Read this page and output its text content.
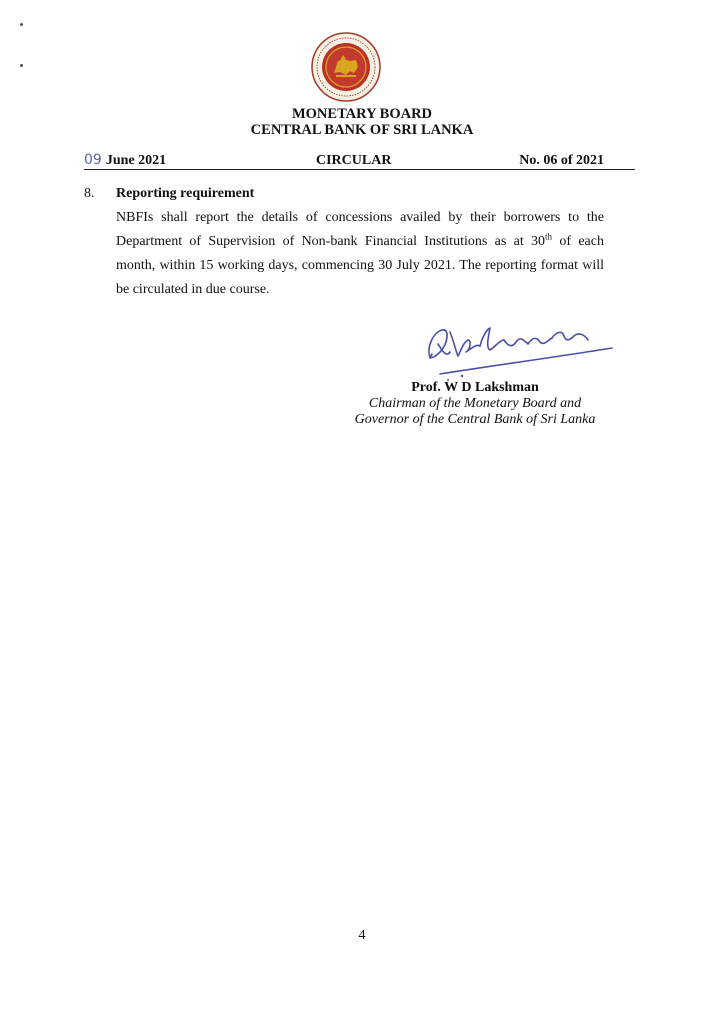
MONETARY BOARD
CENTRAL BANK OF SRI LANKA
09 June 2021	CIRCULAR	No. 06 of 2021
8. Reporting requirement

NBFIs shall report the details of concessions availed by their borrowers to the Department of Supervision of Non-bank Financial Institutions as at 30th of each month, within 15 working days, commencing 30 July 2021. The reporting format will be circulated in due course.

Prof. W D Lakshman
Chairman of the Monetary Board and
Governor of the Central Bank of Sri Lanka
4
